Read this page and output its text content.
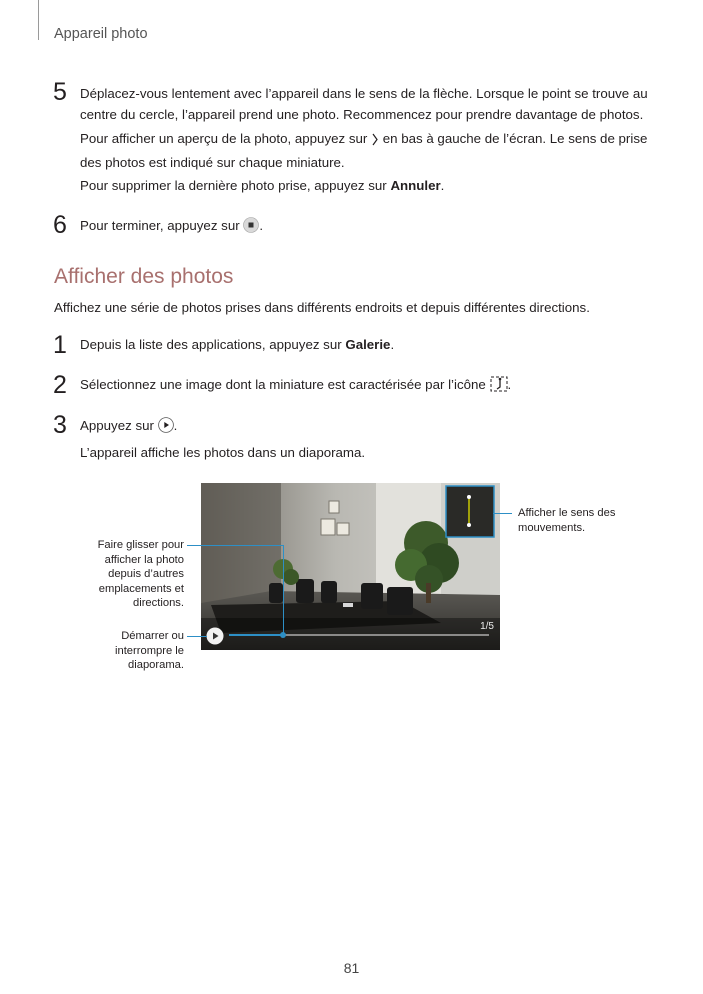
Appareil photo
5 Déplacez-vous lentement avec l’appareil dans le sens de la flèche. Lorsque le point se trouve au
centre du cercle, l’appareil prend une photo. Recommencez pour prendre davantage de photos.
Pour afficher un aperçu de la photo, appuyez sur en bas à gauche de l’écran. Le sens de prise
des photos est indiqué sur chaque miniature.
Pour supprimer la dernière photo prise, appuyez sur Annuler.
6 Pour terminer, appuyez sur .
Afficher des photos
Affichez une série de photos prises dans différents endroits et depuis différentes directions.
1 Depuis la liste des applications, appuyez sur Galerie.
2 Sélectionnez une image dont la miniature est caractérisée par l’icône .
3 Appuyez sur .
L’appareil affiche les photos dans un diaporama.
1/5
Afficher le sens des
mouvements.
Faire glisser pour
afficher la photo
depuis d’autres
emplacements et
directions.
Démarrer ou
interrompre le
diaporama.
81
